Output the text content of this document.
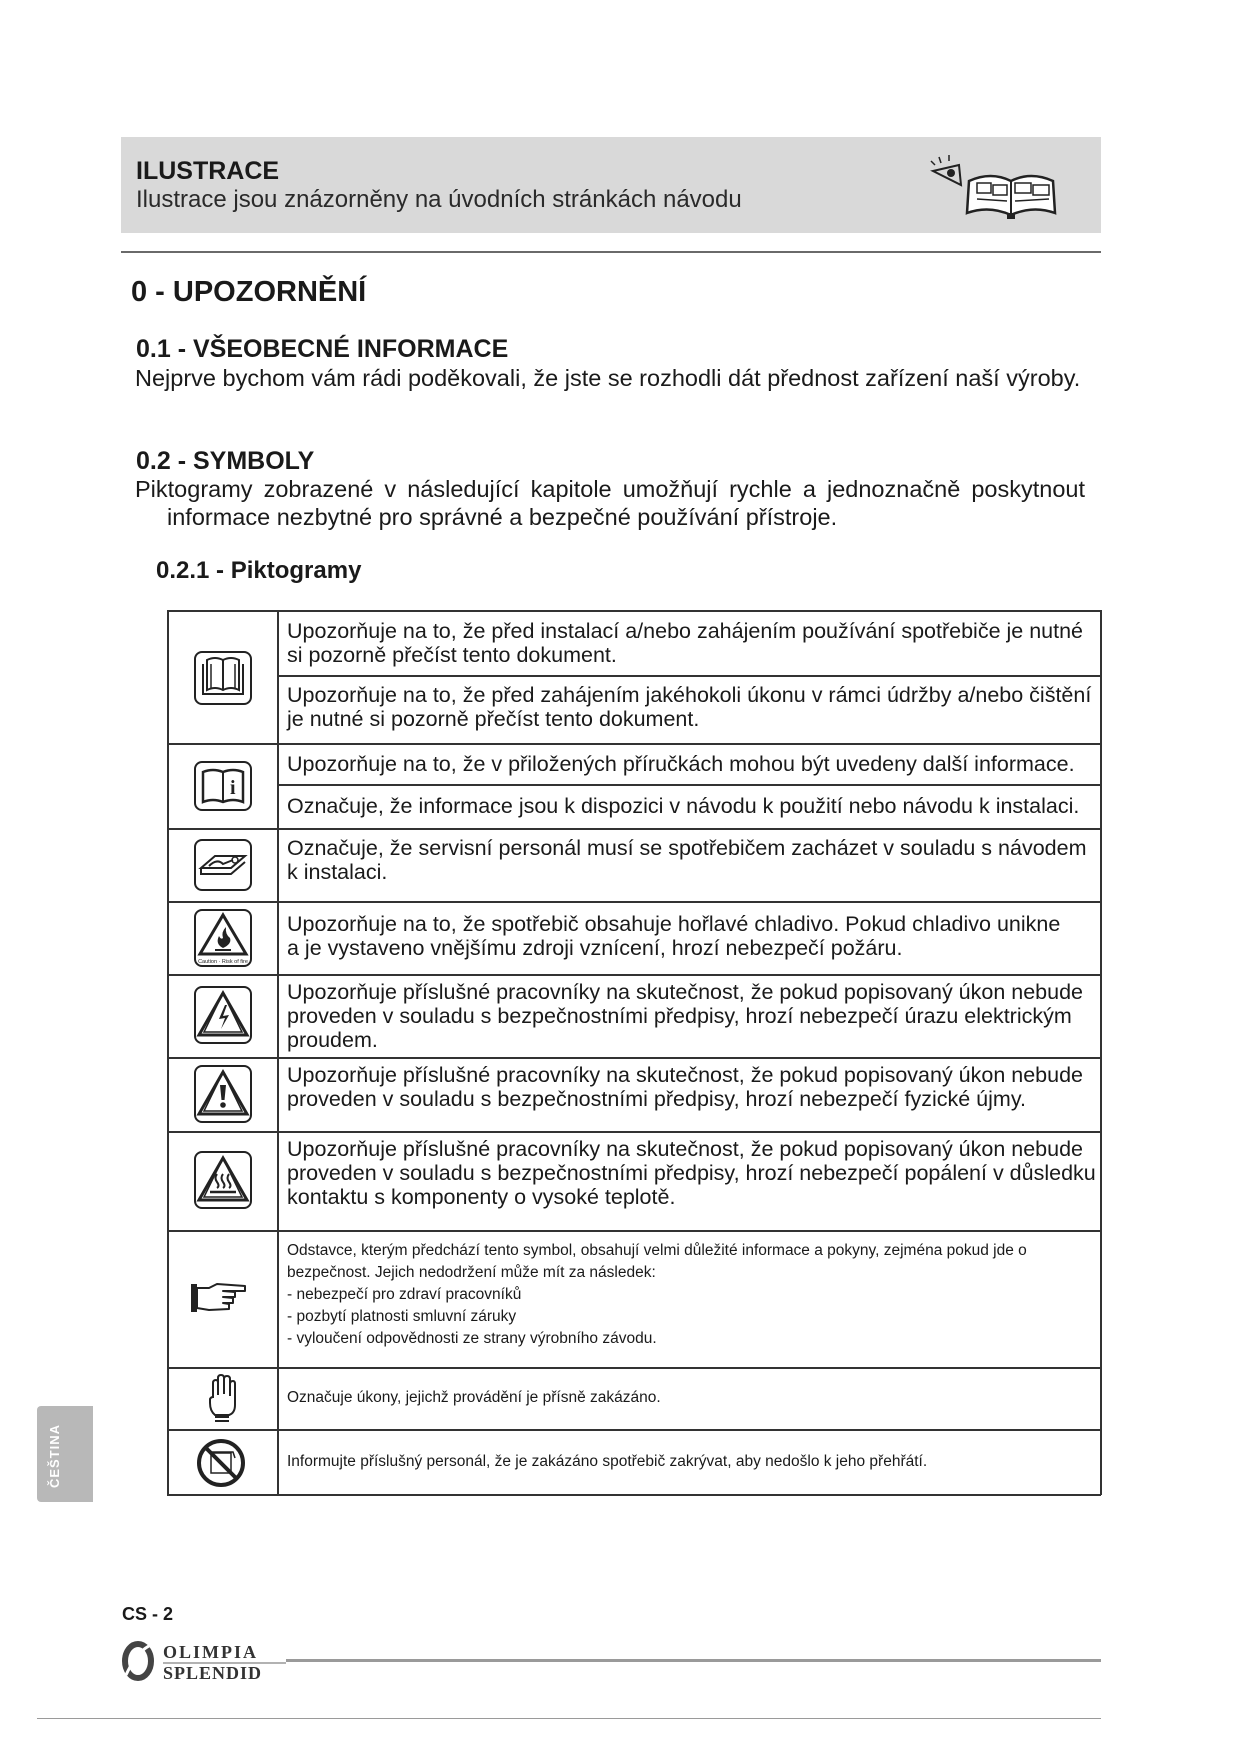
ILUSTRACE
Ilustrace jsou znázorněny na úvodních stránkách návodu
0 - UPOZORNĚNÍ
0.1 - VŠEOBECNÉ INFORMACE
Nejprve bychom vám rádi poděkovali, že jste se rozhodli dát přednost zařízení naší výroby.
0.2 - SYMBOLY
Piktogramy zobrazené v následující kapitole umožňují rychle a jednoznačně poskytnout
informace nezbytné pro správné a bezpečné používání přístroje.
0.2.1 - Piktogramy
Upozorňuje na to, že před instalací a/nebo zahájením používání spotřebiče je nutné
si pozorně přečíst tento dokument.
Upozorňuje na to, že před zahájením jakéhokoli úkonu v rámci údržby a/nebo čištění
je nutné si pozorně přečíst tento dokument.
i
Upozorňuje na to, že v přiložených příručkách mohou být uvedeny další informace.
Označuje, že informace jsou k dispozici v návodu k použití nebo návodu k instalaci.
Označuje, že servisní personál musí se spotřebičem zacházet v souladu s návodem
k instalaci.
Caution · Risk of fire
Upozorňuje na to, že spotřebič obsahuje hořlavé chladivo. Pokud chladivo unikne
a je vystaveno vnějšímu zdroji vznícení, hrozí nebezpečí požáru.
Upozorňuje příslušné pracovníky na skutečnost, že pokud popisovaný úkon nebude
proveden v souladu s bezpečnostními předpisy, hrozí nebezpečí úrazu elektrickým
proudem.
Upozorňuje příslušné pracovníky na skutečnost, že pokud popisovaný úkon nebude
proveden v souladu s bezpečnostními předpisy, hrozí nebezpečí fyzické újmy.
Upozorňuje příslušné pracovníky na skutečnost, že pokud popisovaný úkon nebude
proveden v souladu s bezpečnostními předpisy, hrozí nebezpečí popálení v důsledku
kontaktu s komponenty o vysoké teplotě.
Odstavce, kterým předchází tento symbol, obsahují velmi důležité informace a pokyny, zejména pokud jde o
bezpečnost. Jejich nedodržení může mít za následek:
- nebezpečí pro zdraví pracovníků
- pozbytí platnosti smluvní záruky
- vyloučení odpovědnosti ze strany výrobního závodu.
Označuje úkony, jejichž provádění je přísně zakázáno.
Informujte příslušný personál, že je zakázáno spotřebič zakrývat, aby nedošlo k jeho přehřátí.
ČEŠTINA
CS - 2
OLIMPIA
SPLENDID
